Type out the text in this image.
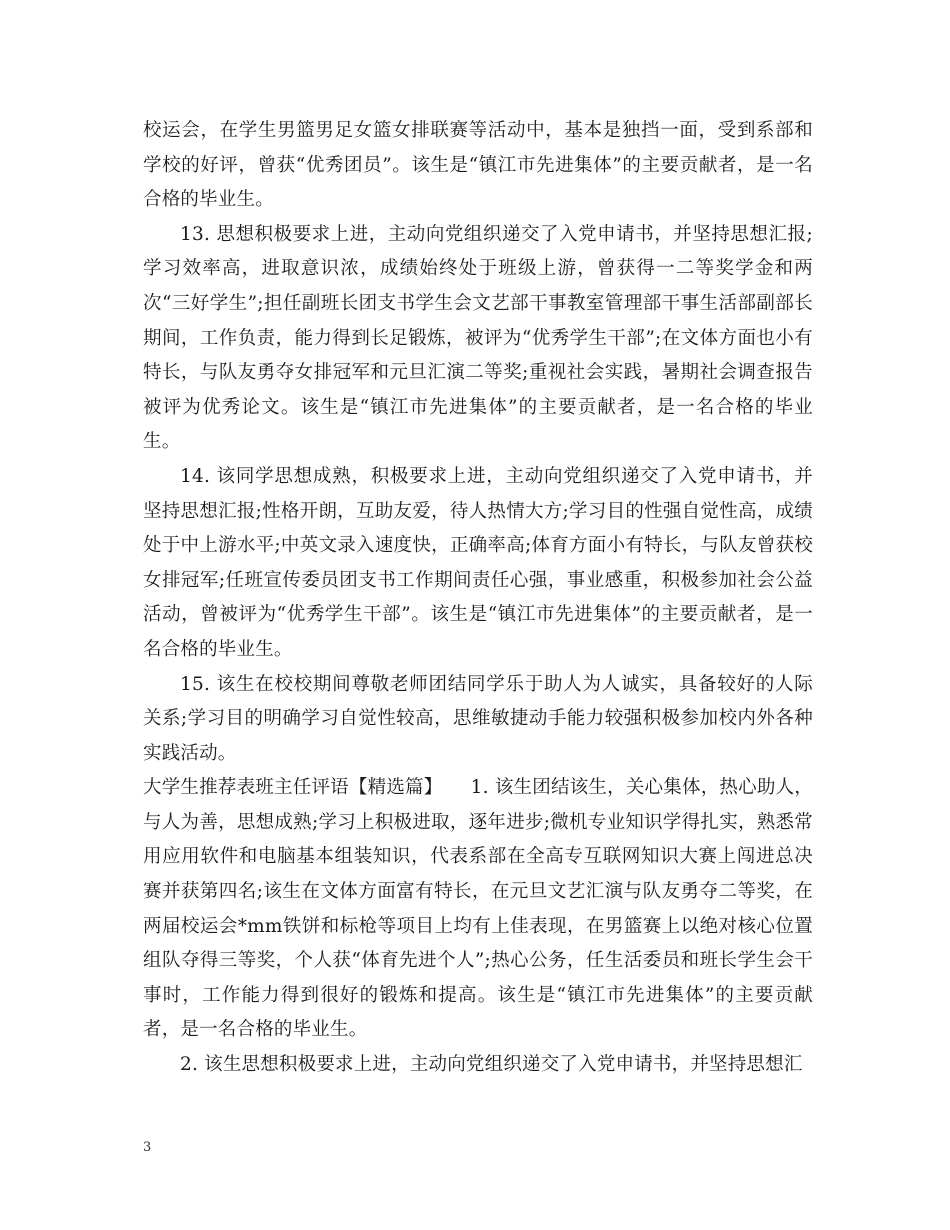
校运会，在学生男篮男足女篮女排联赛等活动中，基本是独挡一面，受到系部和学校的好评，曾获“优秀团员”。该生是“镇江市先进集体”的主要贡献者，是一名合格的毕业生。

13. 思想积极要求上进，主动向党组织递交了入党申请书，并坚持思想汇报;学习效率高，进取意识浓，成绩始终处于班级上游，曾获得一二等奖学金和两次“三好学生”;担任副班长团支书学生会文艺部干事教室管理部干事生活部副部长期间，工作负责，能力得到长足锻炼，被评为“优秀学生干部”;在文体方面也小有特长，与队友勇夺女排冠军和元旦汇演二等奖;重视社会实践，暑期社会调查报告被评为优秀论文。该生是“镇江市先进集体”的主要贡献者，是一名合格的毕业生。

14. 该同学思想成熟，积极要求上进，主动向党组织递交了入党申请书，并坚持思想汇报;性格开朗，互助友爱，待人热情大方;学习目的性强自觉性高，成绩处于中上游水平;中英文录入速度快，正确率高;体育方面小有特长，与队友曾获校女排冠军;任班宣传委员团支书工作期间责任心强，事业感重，积极参加社会公益活动，曾被评为“优秀学生干部”。该生是“镇江市先进集体”的主要贡献者，是一名合格的毕业生。

15. 该生在校校期间尊敬老师团结同学乐于助人为人诚实，具备较好的人际关系;学习目的明确学习自觉性较高，思维敏捷动手能力较强积极参加校内外各种实践活动。

大学生推荐表班主任评语【精选篇】　　1. 该生团结该生，关心集体，热心助人，与人为善，思想成熟;学习上积极进取，逐年进步;微机专业知识学得扎实，熟悉常用应用软件和电脑基本组装知识，代表系部在全高专互联网知识大赛上闯进总决赛并获第四名;该生在文体方面富有特长，在元旦文艺汇演与队友勇夺二等奖，在两届校运会*mm铁饼和标枪等项目上均有上佳表现，在男篮赛上以绝对核心位置组队夺得三等奖，个人获“体育先进个人”;热心公务，任生活委员和班长学生会干事时，工作能力得到很好的锻炼和提高。该生是“镇江市先进集体”的主要贡献者，是一名合格的毕业生。

2. 该生思想积极要求上进，主动向党组织递交了入党申请书，并坚持思想汇

3
